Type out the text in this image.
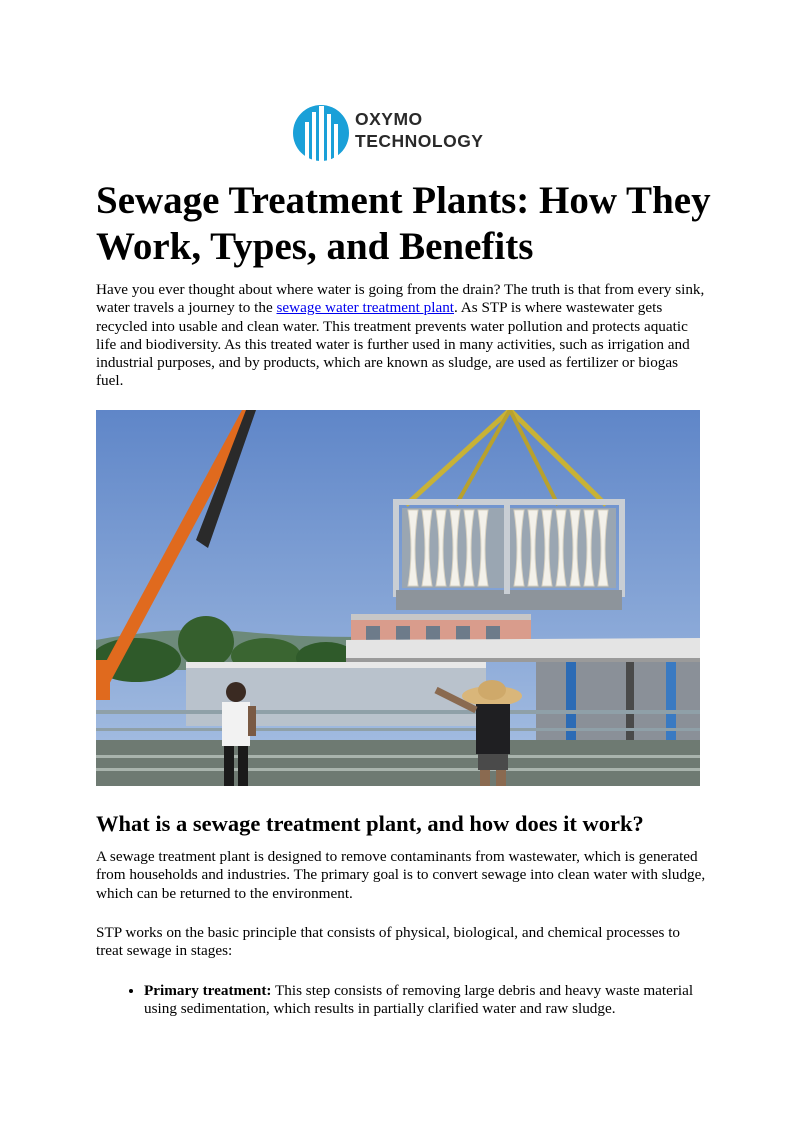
OXYMO
TECHNOLOGY
Sewage Treatment Plants: How They Work, Types, and Benefits

Have you ever thought about where water is going from the drain? The truth is that from every sink, water travels a journey to the sewage water treatment plant. As STP is where wastewater gets recycled into usable and clean water. This treatment prevents water pollution and protects aquatic life and biodiversity. As this treated water is further used in many activities, such as irrigation and industrial purposes, and by products, which are known as sludge, are used as fertilizer or biogas fuel.

What is a sewage treatment plant, and how does it work?

A sewage treatment plant is designed to remove contaminants from wastewater, which is generated from households and industries. The primary goal is to convert sewage into clean water with sludge, which can be returned to the environment.

STP works on the basic principle that consists of physical, biological, and chemical processes to treat sewage in stages:

• Primary treatment: This step consists of removing large debris and heavy waste material using sedimentation, which results in partially clarified water and raw sludge.
